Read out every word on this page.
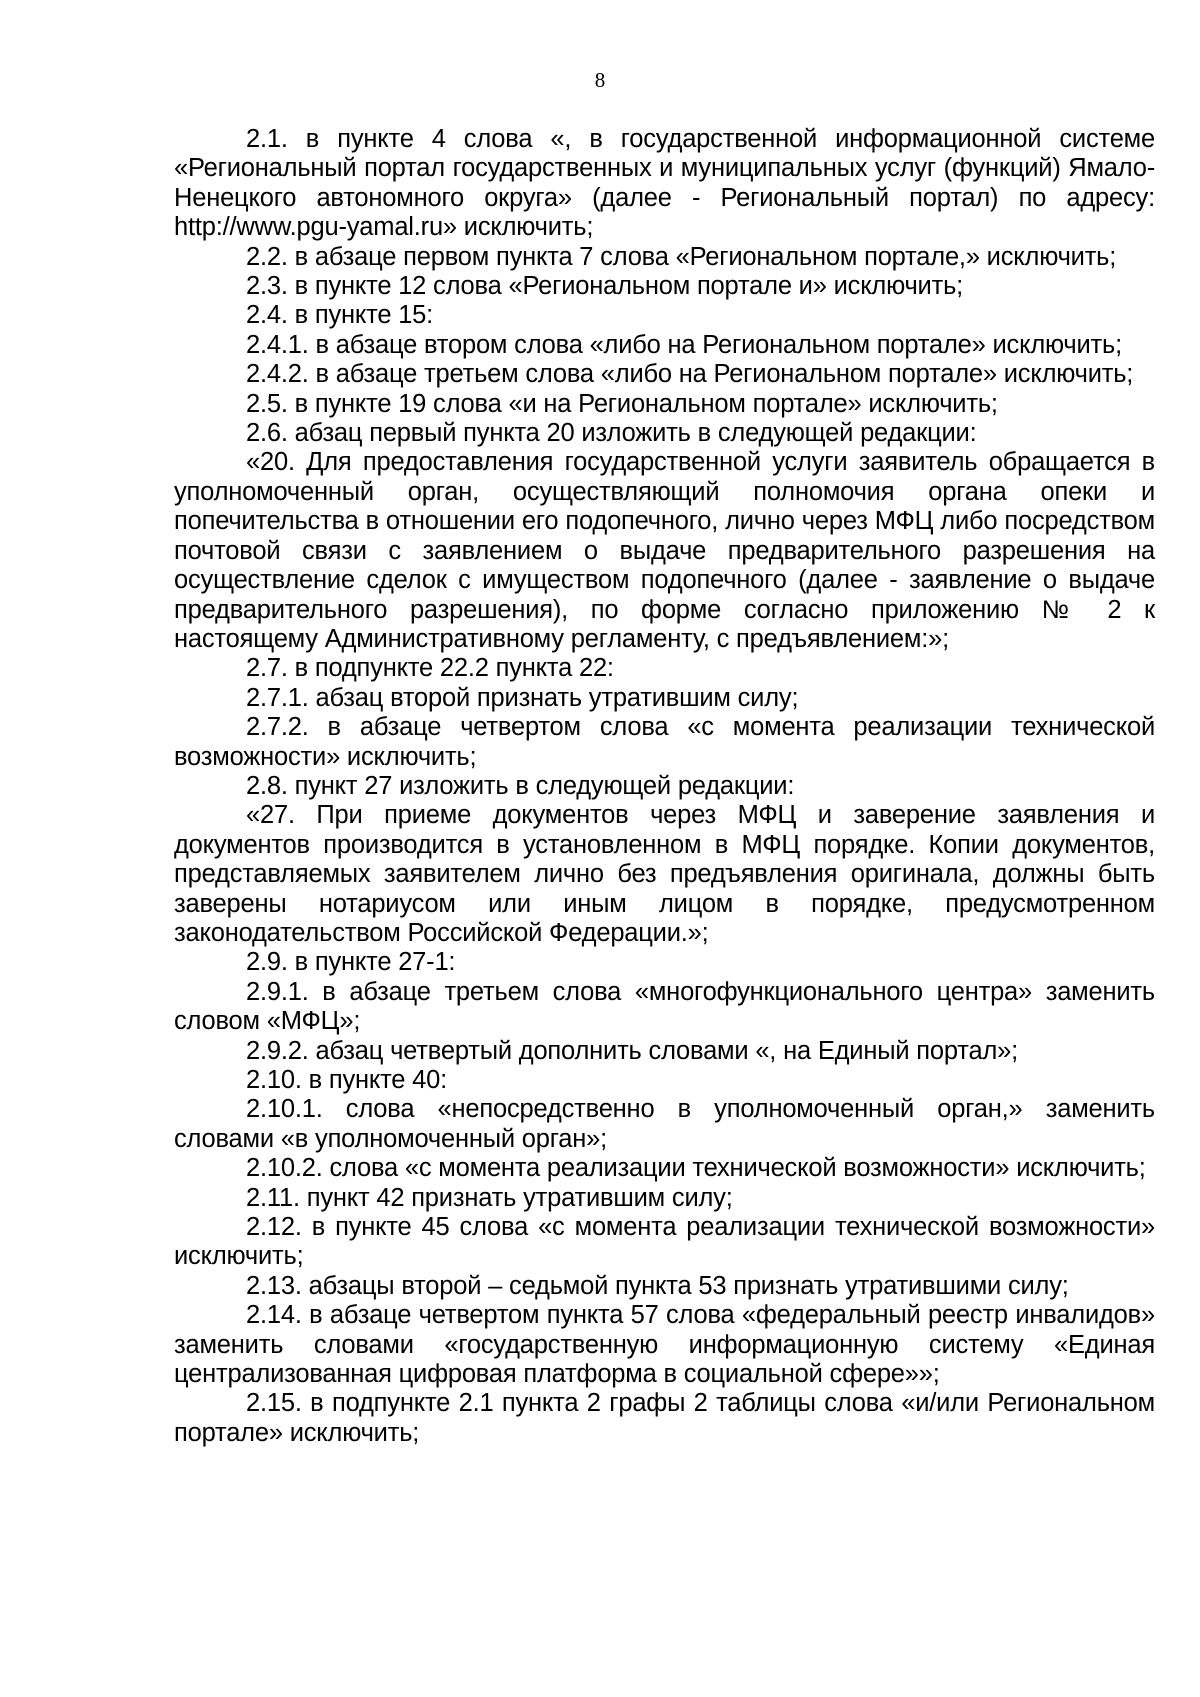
8

2.1. в пункте 4 слова «, в государственной информационной системе «Региональный портал государственных и муниципальных услуг (функций) Ямало-Ненецкого автономного округа» (далее - Региональный портал) по адресу: http://www.pgu-yamal.ru» исключить;

2.2. в абзаце первом пункта 7 слова «Региональном портале,» исключить;

2.3. в пункте 12 слова «Региональном портале и» исключить;

2.4. в пункте 15:

2.4.1. в абзаце втором слова «либо на Региональном портале» исключить;

2.4.2. в абзаце третьем слова «либо на Региональном портале» исключить;

2.5. в пункте 19 слова «и на Региональном портале» исключить;

2.6. абзац первый пункта 20 изложить в следующей редакции:

«20. Для предоставления государственной услуги заявитель обращается в уполномоченный орган, осуществляющий полномочия органа опеки и попечительства в отношении его подопечного, лично через МФЦ либо посредством почтовой связи с заявлением о выдаче предварительного разрешения на осуществление сделок с имуществом подопечного (далее - заявление о выдаче предварительного разрешения), по форме согласно приложению № 2 к настоящему Административному регламенту, с предъявлением:»;

2.7. в подпункте 22.2 пункта 22:

2.7.1. абзац второй признать утратившим силу;

2.7.2. в абзаце четвертом слова «с момента реализации технической возможности» исключить;

2.8. пункт 27 изложить в следующей редакции:

«27. При приеме документов через МФЦ и заверение заявления и документов производится в установленном в МФЦ порядке. Копии документов, представляемых заявителем лично без предъявления оригинала, должны быть заверены нотариусом или иным лицом в порядке, предусмотренном законодательством Российской Федерации.»;

2.9. в пункте 27-1:

2.9.1. в абзаце третьем слова «многофункционального центра» заменить словом «МФЦ»;

2.9.2. абзац четвертый дополнить словами «, на Единый портал»;

2.10. в пункте 40:

2.10.1. слова «непосредственно в уполномоченный орган,» заменить словами «в уполномоченный орган»;

2.10.2. слова «с момента реализации технической возможности» исключить;

2.11. пункт 42 признать утратившим силу;

2.12. в пункте 45 слова «с момента реализации технической возможности» исключить;

2.13. абзацы второй – седьмой пункта 53 признать утратившими силу;

2.14. в абзаце четвертом пункта 57 слова «федеральный реестр инвалидов» заменить словами «государственную информационную систему «Единая централизованная цифровая платформа в социальной сфере»»;

2.15. в подпункте 2.1 пункта 2 графы 2 таблицы слова «и/или Региональном портале» исключить;
